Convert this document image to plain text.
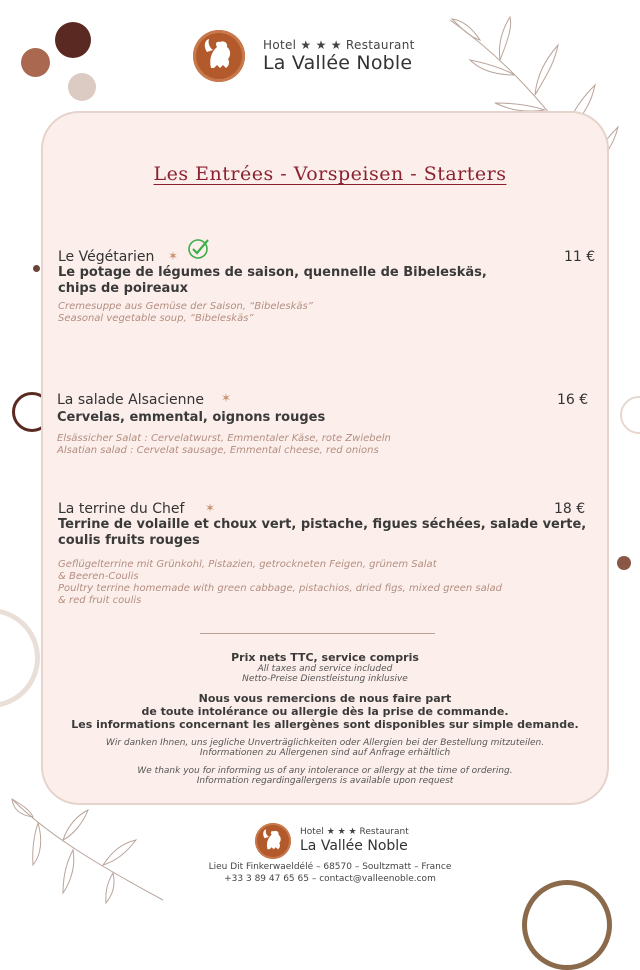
Hotel ★ ★ ★ Restaurant
La Vallée Noble
Les Entrées - Vorspeisen - Starters
Le Végétarien ✶	11 €
Le potage de légumes de saison, quennelle de Bibeleskäs,
chips de poireaux
Cremesuppe aus Gemüse der Saison, “Bibeleskäs”
Seasonal vegetable soup, “Bibeleskäs”
La salade Alsacienne ✶	16 €
Cervelas, emmental, oignons rouges
Elsässicher Salat : Cervelatwurst, Emmentaler Käse, rote Zwiebeln
Alsatian salad : Cervelat sausage, Emmental cheese, red onions
La terrine du Chef ✶	18 €
Terrine de volaille et choux vert, pistache, figues séchées, salade verte,
coulis fruits rouges
Geflügelterrine mit Grünkohl, Pistazien, getrockneten Feigen, grünem Salat
& Beeren-Coulis
Poultry terrine homemade with green cabbage, pistachios, dried figs, mixed green salad
& red fruit coulis
Prix nets TTC, service compris
All taxes and service included
Netto-Preise Dienstleistung inklusive
Nous vous remercions de nous faire part
de toute intolérance ou allergie dès la prise de commande.
Les informations concernant les allergènes sont disponibles sur simple demande.
Wir danken Ihnen, uns jegliche Unverträglichkeiten oder Allergien bei der Bestellung mitzuteilen.
Informationen zu Allergenen sind auf Anfrage erhältlich
We thank you for informing us of any intolerance or allergy at the time of ordering.
Information regardingallergens is available upon request
Hotel ★ ★ ★ Restaurant
La Vallée Noble
Lieu Dit Finkerwaeldélé – 68570 – Soultzmatt – France
+33 3 89 47 65 65 – contact@valleenoble.com
